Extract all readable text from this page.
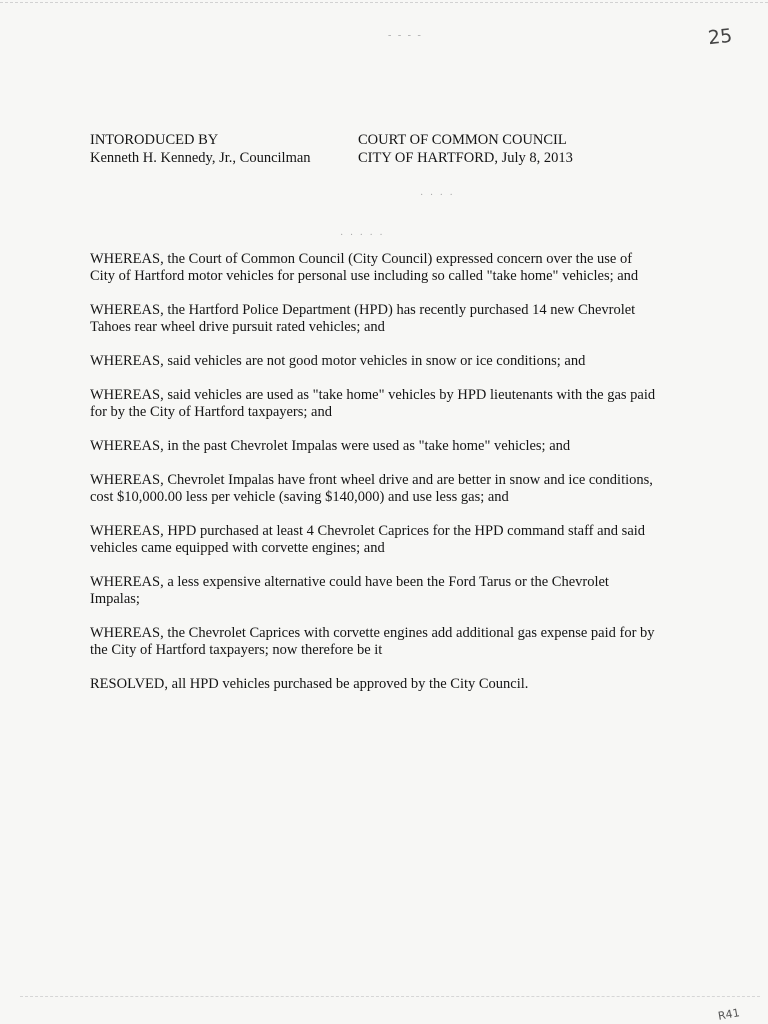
25
- - - -
· · · ·
· · · · ·
INTORODUCED BY
Kenneth H. Kennedy, Jr., Councilman
COURT OF COMMON COUNCIL
CITY OF HARTFORD, July 8, 2013

WHEREAS, the Court of Common Council (City Council) expressed concern over the use of
City of Hartford motor vehicles for personal use including so called "take home" vehicles; and

WHEREAS, the Hartford Police Department (HPD) has recently purchased 14 new Chevrolet
Tahoes rear wheel drive pursuit rated vehicles; and

WHEREAS, said vehicles are not good motor vehicles in snow or ice conditions; and

WHEREAS, said vehicles are used as "take home" vehicles by HPD lieutenants with the gas paid
for by the City of Hartford taxpayers; and

WHEREAS, in the past Chevrolet Impalas were used as "take home" vehicles; and

WHEREAS, Chevrolet Impalas have front wheel drive and are better in snow and ice conditions,
cost $10,000.00 less per vehicle (saving $140,000) and use less gas; and

WHEREAS, HPD purchased at least 4 Chevrolet Caprices for the HPD command staff and said
vehicles came equipped with corvette engines; and

WHEREAS, a less expensive alternative could have been the Ford Tarus or the Chevrolet
Impalas;

WHEREAS, the Chevrolet Caprices with corvette engines add additional gas expense paid for by
the City of Hartford taxpayers; now therefore be it

RESOLVED, all HPD vehicles purchased be approved by the City Council.

R41
